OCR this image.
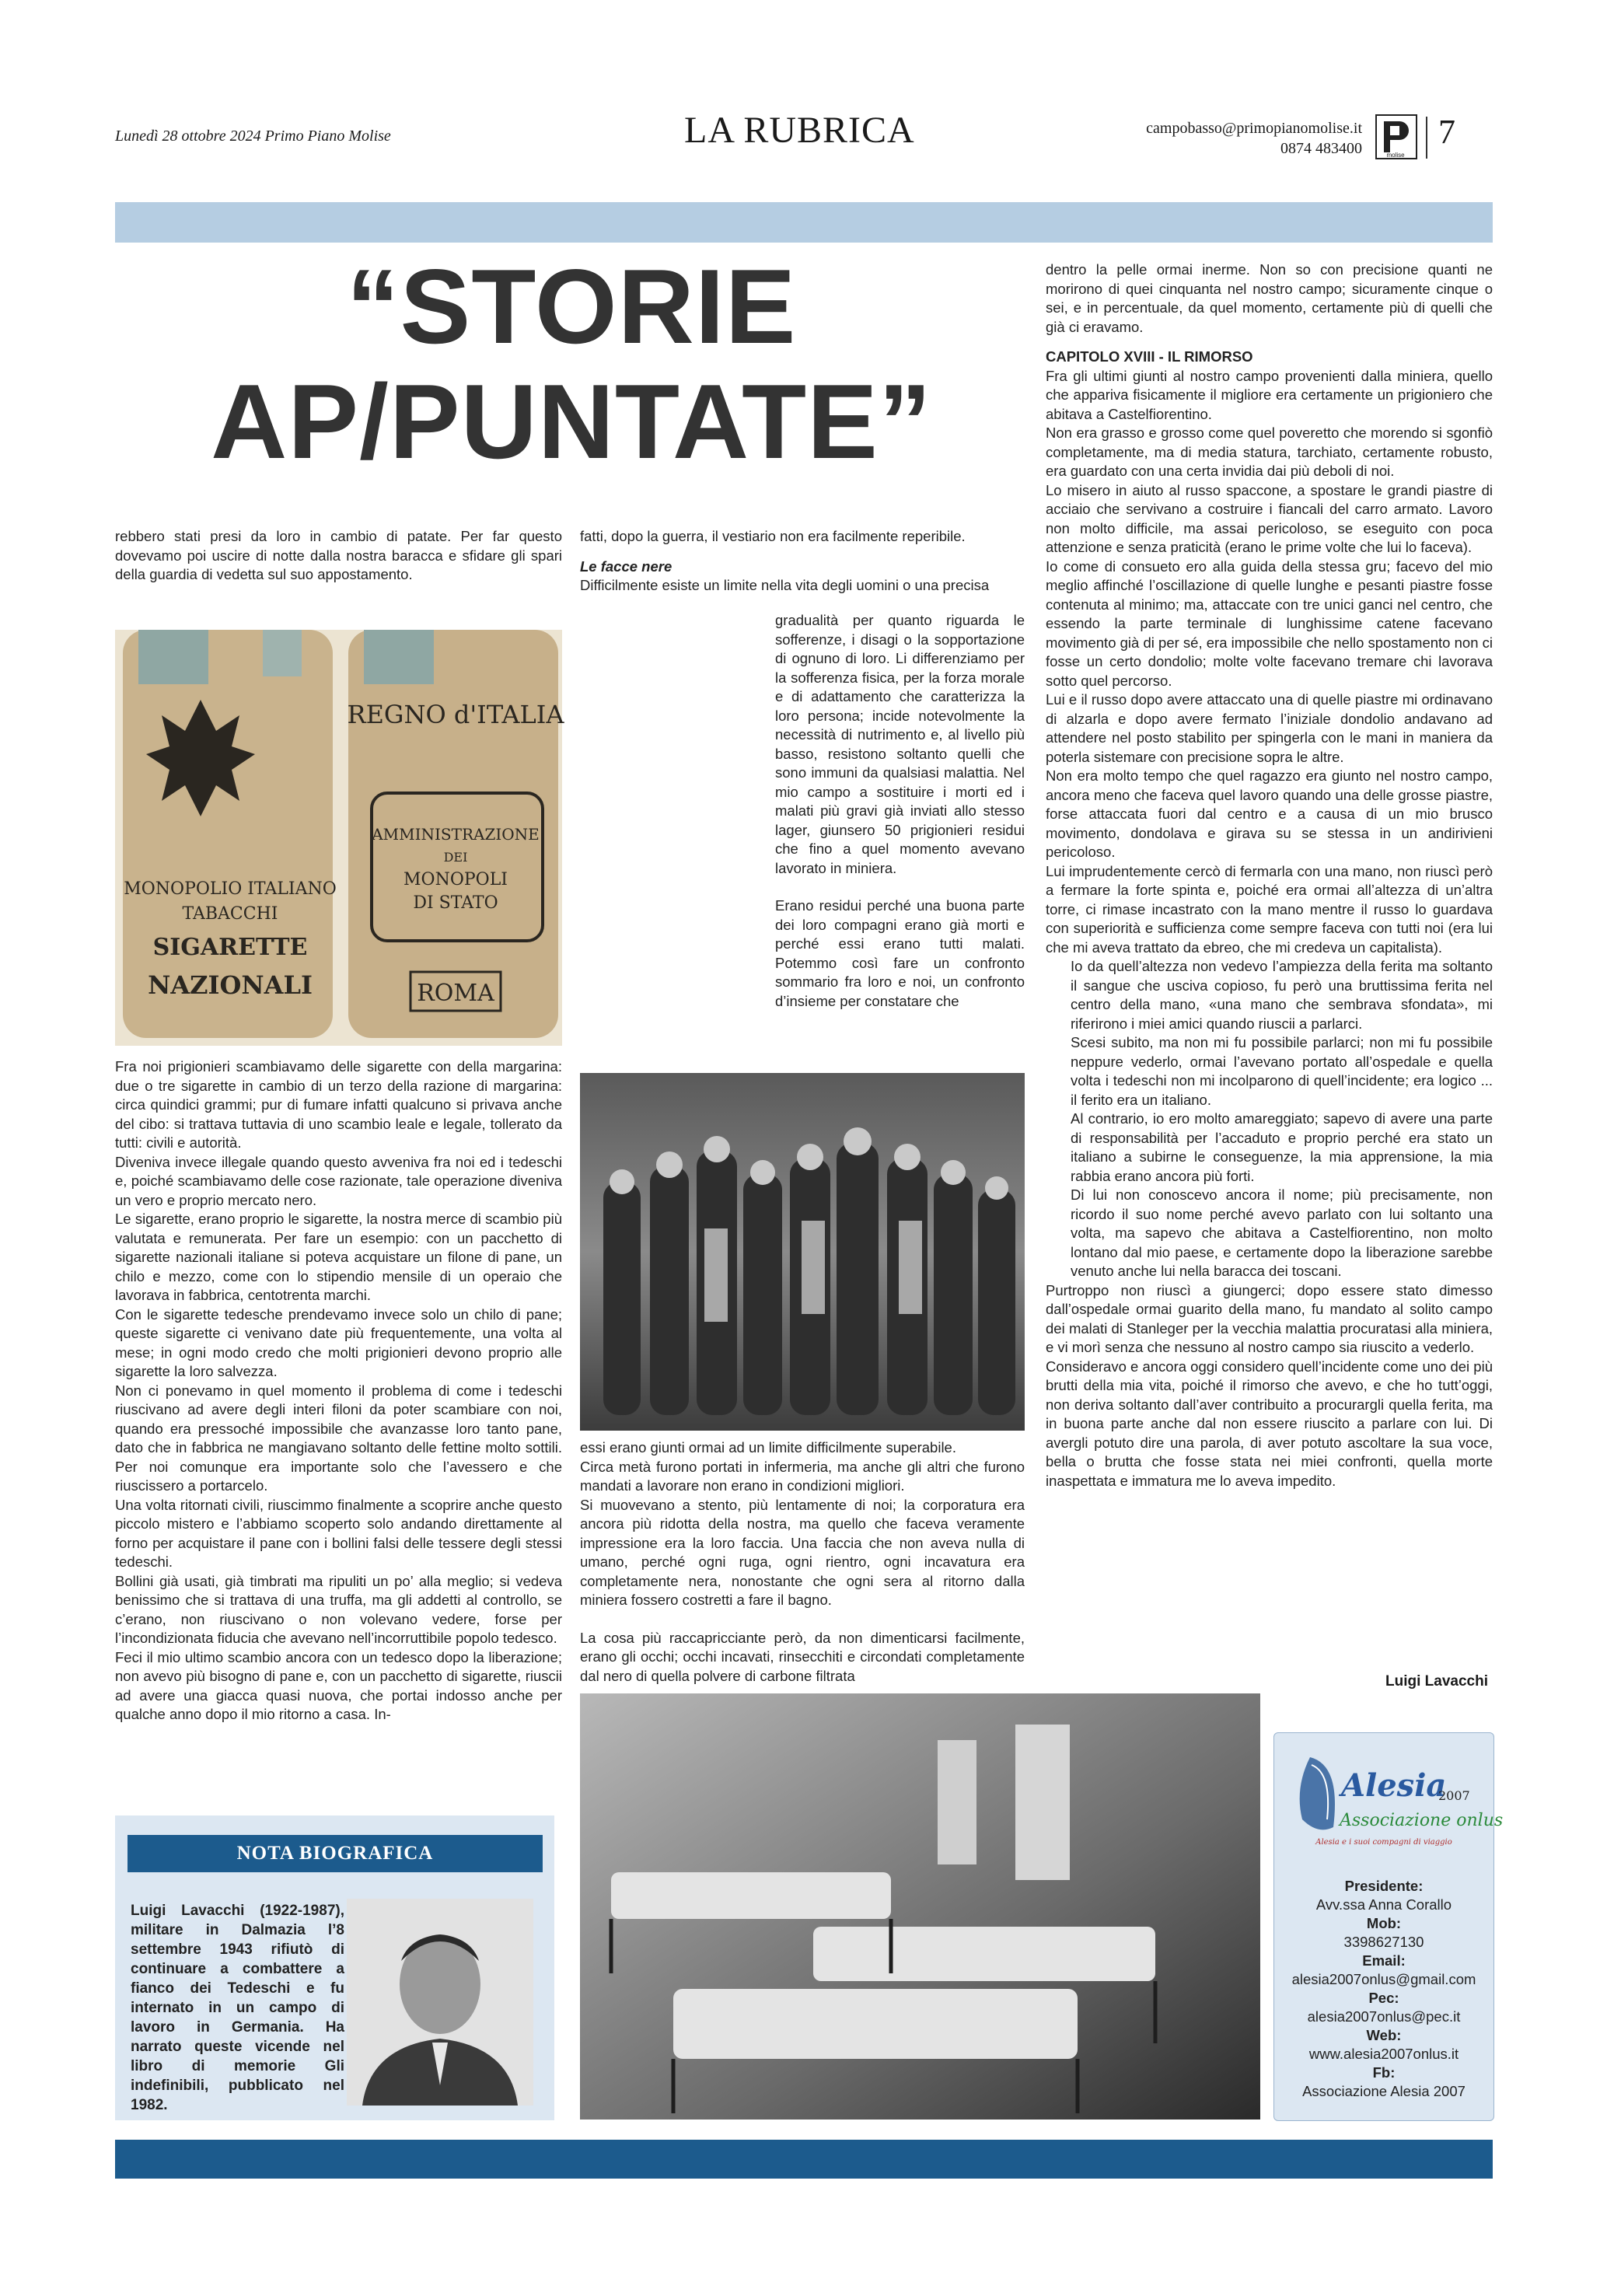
Lunedì 28 ottobre 2024 Primo Piano Molise	LA RUBRICA	campobasso@primopianomolise.it
0874 483400	molise
7
“STORIE
AP/PUNTATE”

rebbero stati presi da loro in cambio di patate. Per far questo dovevamo poi uscire di notte dalla nostra baracca e sfidare gli spari della guardia di vedetta sul suo appostamento.

MONOPOLIO ITALIANO
TABACCHI
SIGARETTE
NAZIONALI
REGNO d'ITALIA
AMMINISTRAZIONE
DEI
MONOPOLI
DI STATO
ROMA

Fra noi prigionieri scambiavamo delle sigarette con della margarina: due o tre sigarette in cambio di un terzo della razione di margarina: circa quindici grammi; pur di fumare infatti qualcuno si privava anche del cibo: si trattava tuttavia di uno scambio leale e legale, tollerato da tutti: civili e autorità.

Diveniva invece illegale quando questo avveniva fra noi ed i tedeschi e, poiché scambiavamo delle cose razionate, tale operazione diveniva un vero e proprio mercato nero.

Le sigarette, erano proprio le sigarette, la nostra merce di scambio più valutata e remunerata. Per fare un esempio: con un pacchetto di sigarette nazionali italiane si poteva acquistare un filone di pane, un chilo e mezzo, come con lo stipendio mensile di un operaio che lavorava in fabbrica, centotrenta marchi.

Con le sigarette tedesche prendevamo invece solo un chilo di pane; queste sigarette ci venivano date più frequentemente, una volta al mese; in ogni modo credo che molti prigionieri devono proprio alle sigarette la loro salvezza.

Non ci ponevamo in quel momento il problema di come i tedeschi riuscivano ad avere degli interi filoni da poter scambiare con noi, quando era pressoché impossibile che avanzasse loro tanto pane, dato che in fabbrica ne mangiavano soltanto delle fettine molto sottili. Per noi comunque era importante solo che l’avessero e che riuscissero a portarcelo.

Una volta ritornati civili, riuscimmo finalmente a scoprire anche questo piccolo mistero e l’abbiamo scoperto solo andando direttamente al forno per acquistare il pane con i bollini falsi delle tessere degli stessi tedeschi.

Bollini già usati, già timbrati ma ripuliti un po’ alla meglio; si vedeva benissimo che si trattava di una truffa, ma gli addetti al controllo, se c’erano, non riuscivano o non volevano vedere, forse per l’incondizionata fiducia che avevano nell’incorruttibile popolo tedesco.

Feci il mio ultimo scambio ancora con un tedesco dopo la liberazione; non avevo più bisogno di pane e, con un pacchetto di sigarette, riuscii ad avere una giacca quasi nuova, che portai indosso anche per qualche anno dopo il mio ritorno a casa. In-

fatti, dopo la guerra, il vestiario non era facilmente reperibile.

Le facce nere

Difficilmente esiste un limite nella vita degli uomini o una precisa

gradualità per quanto riguarda le sofferenze, i disagi o la sopportazione di ognuno di loro. Li differenziamo per la sofferenza fisica, per la forza morale e di adattamento che caratterizza la loro persona; incide notevolmente la necessità di nutrimento e, al livello più basso, resistono soltanto quelli che sono immuni da qualsiasi malattia. Nel mio campo a sostituire i morti ed i malati più gravi già inviati allo stesso lager, giunsero 50 prigionieri residui che fino a quel momento avevano lavorato in miniera.

Erano residui perché una buona parte dei loro compagni erano già morti e perché essi erano tutti malati. Potemmo così fare un confronto sommario fra loro e noi, un confronto d’insieme per constatare che

essi erano giunti ormai ad un limite difficilmente superabile.

Circa metà furono portati in infermeria, ma anche gli altri che furono mandati a lavorare non erano in condizioni migliori.

Si muovevano a stento, più lentamente di noi; la corporatura era ancora più ridotta della nostra, ma quello che faceva veramente impressione era la loro faccia. Una faccia che non aveva nulla di umano, perché ogni ruga, ogni rientro, ogni incavatura era completamente nera, nonostante che ogni sera al ritorno dalla miniera fossero costretti a fare il bagno.

La cosa più raccapricciante però, da non dimenticarsi facilmente, erano gli occhi; occhi incavati, rinsecchiti e circondati completamente dal nero di quella polvere di carbone filtrata

dentro la pelle ormai inerme. Non so con precisione quanti ne morirono di quei cinquanta nel nostro campo; sicuramente cinque o sei, e in percentuale, da quel momento, certamente più di quelli che già ci eravamo.

CAPITOLO XVIII - IL RIMORSO

Fra gli ultimi giunti al nostro campo provenienti dalla miniera, quello che appariva fisicamente il migliore era certamente un prigioniero che abitava a Castelfiorentino.

Non era grasso e grosso come quel poveretto che morendo si sgonfiò completamente, ma di media statura, tarchiato, certamente robusto, era guardato con una certa invidia dai più deboli di noi.

Lo misero in aiuto al russo spaccone, a spostare le grandi piastre di acciaio che servivano a costruire i fiancali del carro armato. Lavoro non molto difficile, ma assai pericoloso, se eseguito con poca attenzione e senza praticità (erano le prime volte che lui lo faceva).

Io come di consueto ero alla guida della stessa gru; facevo del mio meglio affinché l’oscillazione di quelle lunghe e pesanti piastre fosse contenuta al minimo; ma, attaccate con tre unici ganci nel centro, che essendo la parte terminale di lunghissime catene facevano movimento già di per sé, era impossibile che nello spostamento non ci fosse un certo dondolio; molte volte facevano tremare chi lavorava sotto quel percorso.

Lui e il russo dopo avere attaccato una di quelle piastre mi ordinavano di alzarla e dopo avere fermato l’iniziale dondolio andavano ad attendere nel posto stabilito per spingerla con le mani in maniera da poterla sistemare con precisione sopra le altre.

Non era molto tempo che quel ragazzo era giunto nel nostro campo, ancora meno che faceva quel lavoro quando una delle grosse piastre, forse attaccata fuori dal centro e a causa di un mio brusco movimento, dondolava e girava su se stessa in un andirivieni pericoloso.

Lui imprudentemente cercò di fermarla con una mano, non riuscì però a fermare la forte spinta e, poiché era ormai all’altezza di un’altra torre, ci rimase incastrato con la mano mentre il russo lo guardava con superiorità e sufficienza come sempre faceva con tutti noi (era lui che mi aveva trattato da ebreo, che mi credeva un capitalista).

Io da quell’altezza non vedevo l’ampiezza della ferita ma soltanto il sangue che usciva copioso, fu però una bruttissima ferita nel centro della mano, «una mano che sembrava sfondata», mi riferirono i miei amici quando riuscii a parlarci.

Scesi subito, ma non mi fu possibile parlarci; non mi fu possibile neppure vederlo, ormai l’avevano portato all’ospedale e quella volta i tedeschi non mi incolparono di quell’incidente; era logico ... il ferito era un italiano.

Al contrario, io ero molto amareggiato; sapevo di avere una parte di responsabilità per l’accaduto e proprio perché era stato un italiano a subirne le conseguenze, la mia apprensione, la mia rabbia erano ancora più forti.

Di lui non conoscevo ancora il nome; più precisamente, non ricordo il suo nome perché avevo parlato con lui soltanto una volta, ma sapevo che abitava a Castelfiorentino, non molto lontano dal mio paese, e certamente dopo la liberazione sarebbe venuto anche lui nella baracca dei toscani.

Purtroppo non riuscì a giungerci; dopo essere stato dimesso dall’ospedale ormai guarito della mano, fu mandato al solito campo dei malati di Stanleger per la vecchia malattia procuratasi alla miniera, e vi morì senza che nessuno al nostro campo sia riuscito a vederlo.

Consideravo e ancora oggi considero quell’incidente come uno dei più brutti della mia vita, poiché il rimorso che avevo, e che ho tutt’oggi, non deriva soltanto dall’aver contribuito a procurargli quella ferita, ma in buona parte anche dal non essere riuscito a parlare con lui. Di avergli potuto dire una parola, di aver potuto ascoltare la sua voce, bella o brutta che fosse stata nei miei confronti, quella morte inaspettata e immatura me lo aveva impedito.

Luigi Lavacchi
NOTA BIOGRAFICA
Luigi Lavacchi (1922-1987), militare in Dalmazia l’8 settembre 1943 rifiutò di continuare a combattere a fianco dei Tedeschi e fu internato in un campo di lavoro in Germania. Ha narrato queste vicende nel libro di memorie Gli indefinibili, pubblicato nel 1982.
Alesia
2007
Associazione onlus
Alesia e i suoi compagni di viaggio
Presidente:
Avv.ssa Anna Corallo
Mob:
3398627130
Email:
alesia2007onlus@gmail.com
Pec:
alesia2007onlus@pec.it
Web:
www.alesia2007onlus.it
Fb:
Associazione Alesia 2007
